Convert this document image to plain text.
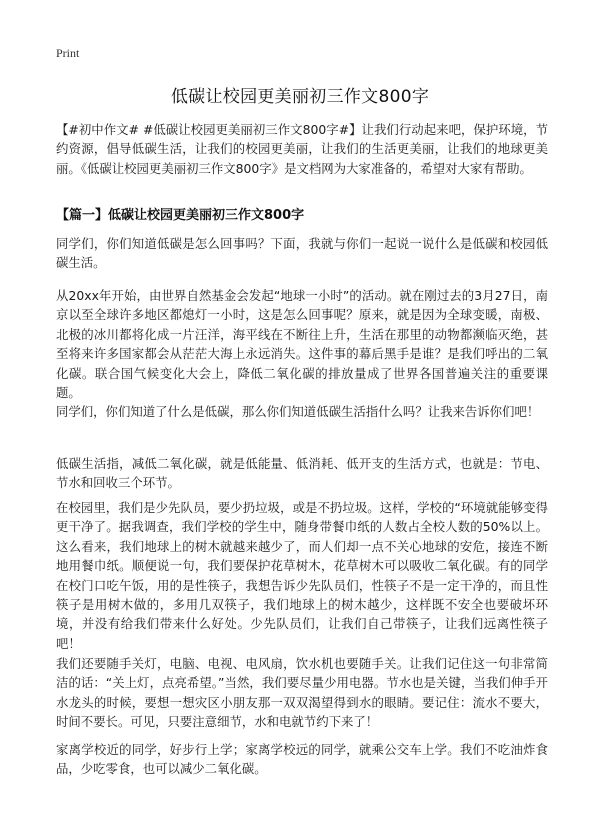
Print
低碳让校园更美丽初三作文800字
【#初中作文# #低碳让校园更美丽初三作文800字#】让我们行动起来吧，保护环境，节约资源，倡导低碳生活，让我们的校园更美丽，让我们的生活更美丽，让我们的地球更美丽。《低碳让校园更美丽初三作文800字》是文档网为大家准备的，希望对大家有帮助。
【篇一】低碳让校园更美丽初三作文800字
同学们，你们知道低碳是怎么回事吗？下面，我就与你们一起说一说什么是低碳和校园低碳生活。
从20xx年开始，由世界自然基金会发起“地球一小时”的活动。就在刚过去的3月27日，南京以至全球许多地区都熄灯一小时，这是怎么回事呢？原来，就是因为全球变暖，南极、北极的冰川都将化成一片汪洋，海平线在不断往上升，生活在那里的动物都濒临灭绝，甚至将来许多国家都会从茫茫大海上永远消失。这件事的幕后黑手是谁？是我们呼出的二氧化碳。联合国气候变化大会上，降低二氧化碳的排放量成了世界各国普遍关注的重要课题。
同学们，你们知道了什么是低碳，那么你们知道低碳生活指什么吗？让我来告诉你们吧！
低碳生活指，减低二氧化碳，就是低能量、低消耗、低开支的生活方式，也就是：节电、节水和回收三个环节。
在校园里，我们是少先队员，要少扔垃圾，或是不扔垃圾。这样，学校的“环境就能够变得更干净了。据我调查，我们学校的学生中，随身带餐巾纸的人数占全校人数的50%以上。这么看来，我们地球上的树木就越来越少了，而人们却一点不关心地球的安危，接连不断地用餐巾纸。顺便说一句，我们要保护花草树木，花草树木可以吸收二氧化碳。有的同学在校门口吃午饭，用的是性筷子，我想告诉少先队员们，性筷子不是一定干净的，而且性筷子是用树木做的，多用几双筷子，我们地球上的树木越少，这样既不安全也要破坏环境，并没有给我们带来什么好处。少先队员们，让我们自己带筷子，让我们远离性筷子吧！
我们还要随手关灯，电脑、电视、电风扇，饮水机也要随手关。让我们记住这一句非常简洁的话：“关上灯，点亮希望。”当然，我们要尽量少用电器。节水也是关键，当我们伸手开水龙头的时候，要想一想灾区小朋友那一双双渴望得到水的眼睛。要记住：流水不要大，时间不要长。可见，只要注意细节，水和电就节约下来了！
家离学校近的同学，好步行上学；家离学校远的同学，就乘公交车上学。我们不吃油炸食品，少吃零食，也可以减少二氧化碳。
